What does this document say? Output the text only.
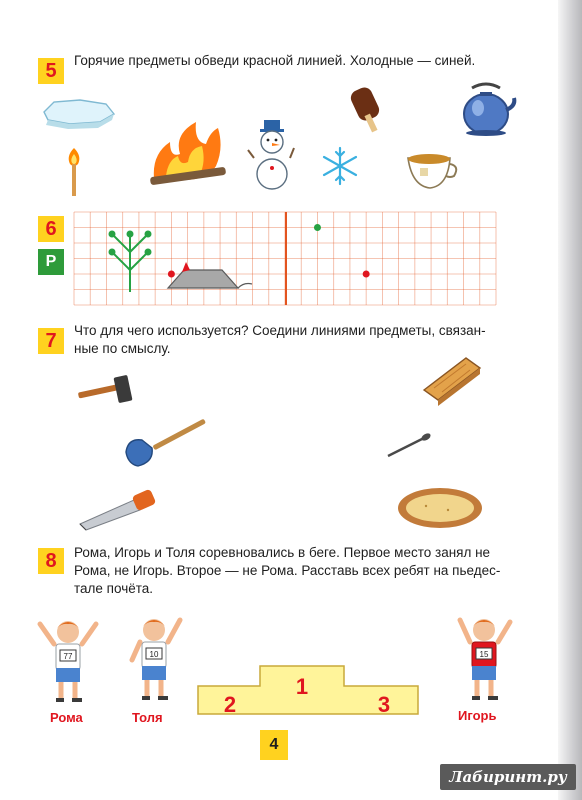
5	Горячие предметы обведи красной линией. Холодные — синей.
6
Р
7	Что для чего используется? Соедини линиями предметы, связан-
ные по смыслу.
8	Рома, Игорь и Толя соревновались в беге. Первое место занял не
Рома, не Игорь. Второе — не Рома. Расставь всех ребят на пьедес-
тале почёта.
77
Рома
10
Толя
1
2	3
15
Игорь
4
Лабиринт.ру
